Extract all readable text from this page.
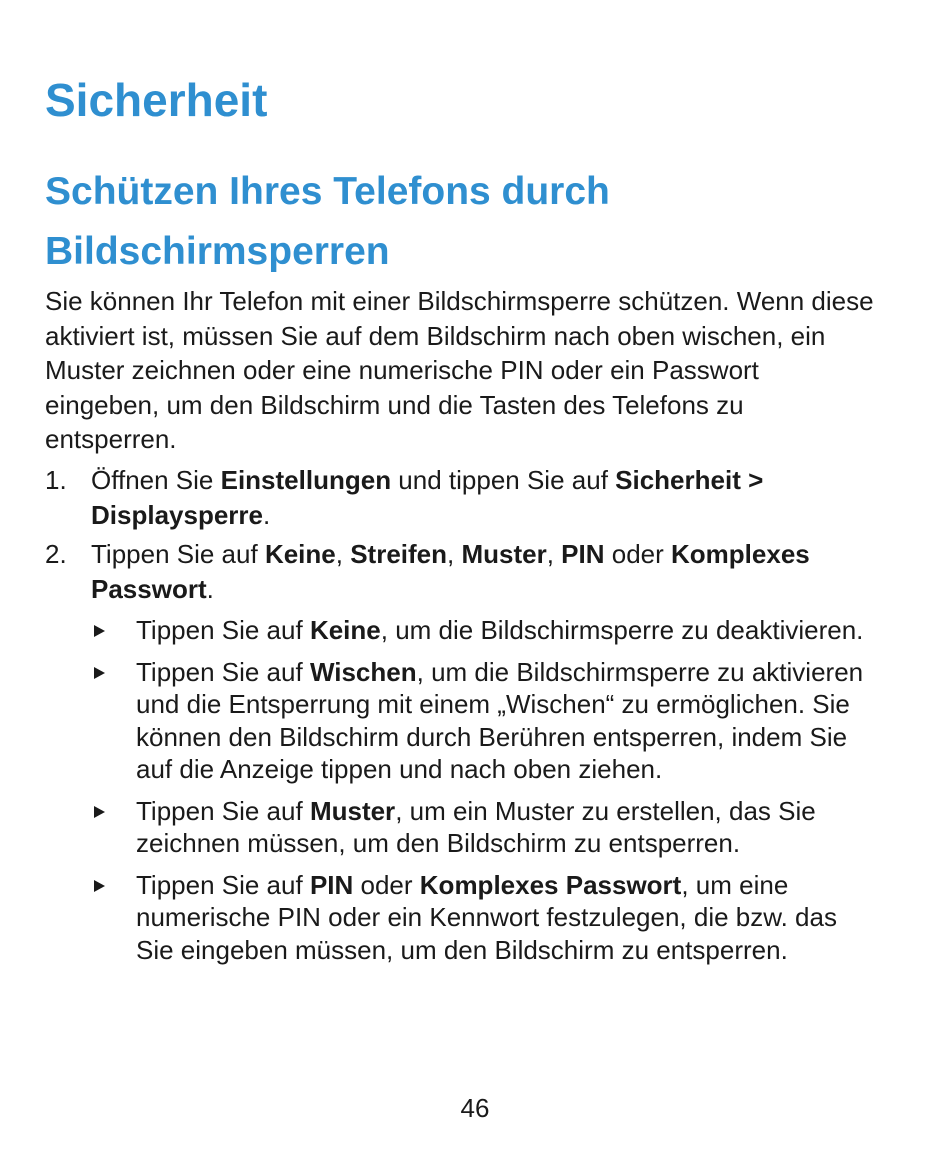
Sicherheit
Schützen Ihres Telefons durch Bildschirmsperren

Sie können Ihr Telefon mit einer Bildschirmsperre schützen. Wenn diese aktiviert ist, müssen Sie auf dem Bildschirm nach oben wischen, ein Muster zeichnen oder eine numerische PIN oder ein Passwort eingeben, um den Bildschirm und die Tasten des Telefons zu entsperren.

1. Öffnen Sie Einstellungen und tippen Sie auf Sicherheit > Displaysperre.
2. Tippen Sie auf Keine, Streifen, Muster, PIN oder Komplexes Passwort.
Tippen Sie auf Keine, um die Bildschirmsperre zu deaktivieren.
Tippen Sie auf Wischen, um die Bildschirmsperre zu aktivieren und die Entsperrung mit einem „Wischen“ zu ermöglichen. Sie können den Bildschirm durch Berühren entsperren, indem Sie auf die Anzeige tippen und nach oben ziehen.
Tippen Sie auf Muster, um ein Muster zu erstellen, das Sie zeichnen müssen, um den Bildschirm zu entsperren.
Tippen Sie auf PIN oder Komplexes Passwort, um eine numerische PIN oder ein Kennwort festzulegen, die bzw. das Sie eingeben müssen, um den Bildschirm zu entsperren.
46
